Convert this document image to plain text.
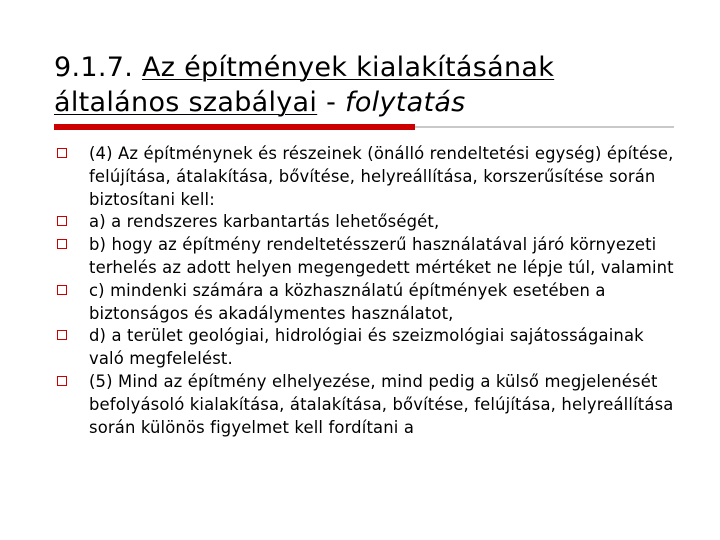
9.1.7. Az építmények kialakításának általános szabályai - folytatás
(4) Az építménynek és részeinek (önálló rendeltetési egység) építése, felújítása, átalakítása, bővítése, helyreállítása, korszerűsítése során biztosítani kell:
a) a rendszeres karbantartás lehetőségét,
b) hogy az építmény rendeltetésszerű használatával járó környezeti terhelés az adott helyen megengedett mértéket ne lépje túl, valamint
c) mindenki számára a közhasználatú építmények esetében a biztonságos és akadálymentes használatot,
d) a terület geológiai, hidrológiai és szeizmológiai sajátosságainak való megfelelést.
(5) Mind az építmény elhelyezése, mind pedig a külső megjelenését befolyásoló kialakítása, átalakítása, bővítése, felújítása, helyreállítása során különös figyelmet kell fordítani a
